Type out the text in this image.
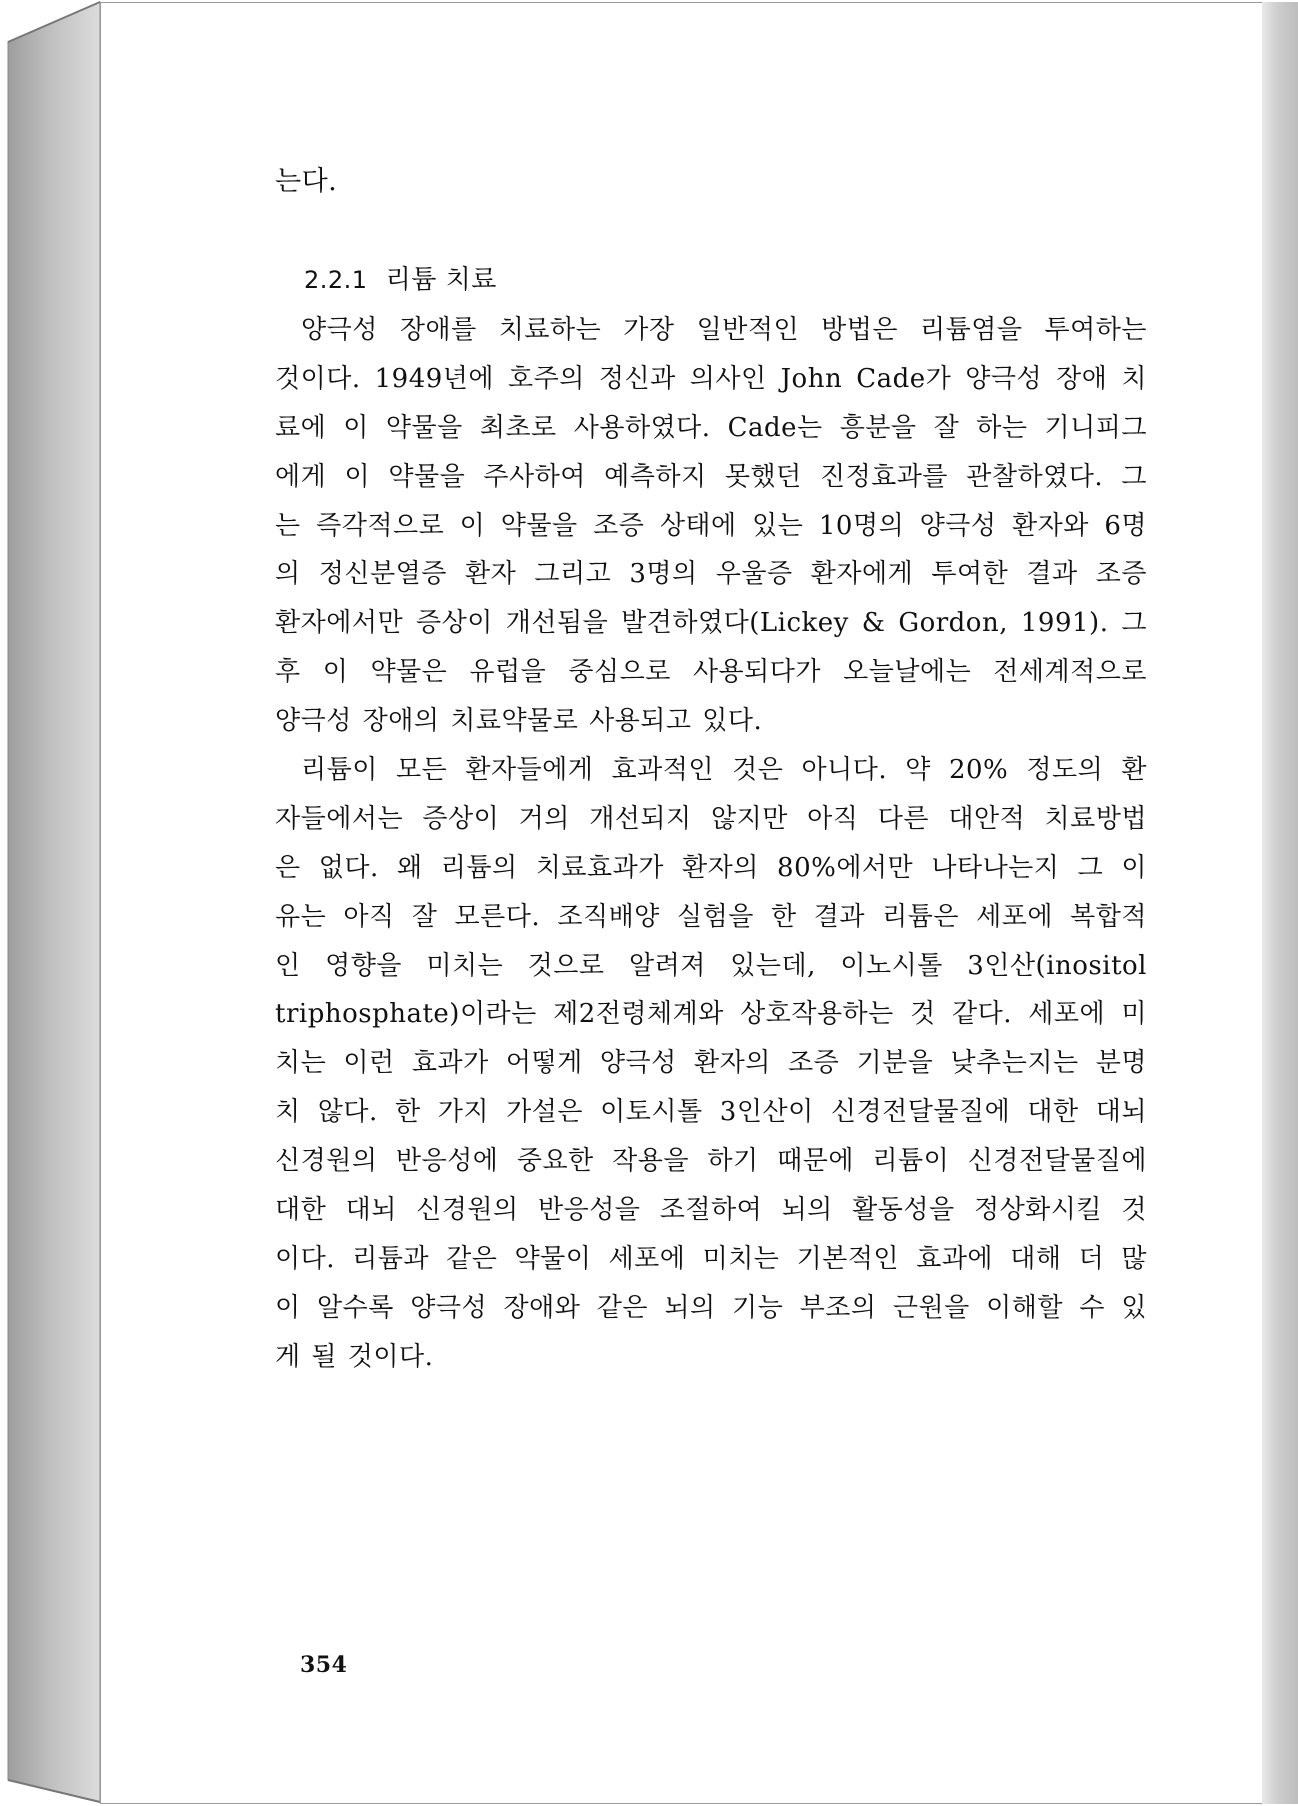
는다.
2.2.1 리튬 치료
양극성 장애를 치료하는 가장 일반적인 방법은 리튬염을 투여하는
것이다. 1949년에 호주의 정신과 의사인 John Cade가 양극성 장애 치
료에 이 약물을 최초로 사용하였다. Cade는 흥분을 잘 하는 기니피그
에게 이 약물을 주사하여 예측하지 못했던 진정효과를 관찰하였다. 그
는 즉각적으로 이 약물을 조증 상태에 있는 10명의 양극성 환자와 6명
의 정신분열증 환자 그리고 3명의 우울증 환자에게 투여한 결과 조증
환자에서만 증상이 개선됨을 발견하였다(Lickey & Gordon, 1991). 그
후 이 약물은 유럽을 중심으로 사용되다가 오늘날에는 전세계적으로
양극성 장애의 치료약물로 사용되고 있다.
리튬이 모든 환자들에게 효과적인 것은 아니다. 약 20% 정도의 환
자들에서는 증상이 거의 개선되지 않지만 아직 다른 대안적 치료방법
은 없다. 왜 리튬의 치료효과가 환자의 80%에서만 나타나는지 그 이
유는 아직 잘 모른다. 조직배양 실험을 한 결과 리튬은 세포에 복합적
인 영향을 미치는 것으로 알려져 있는데, 이노시톨 3인산(inositol
triphosphate)이라는 제2전령체계와 상호작용하는 것 같다. 세포에 미
치는 이런 효과가 어떻게 양극성 환자의 조증 기분을 낮추는지는 분명
치 않다. 한 가지 가설은 이토시톨 3인산이 신경전달물질에 대한 대뇌
신경원의 반응성에 중요한 작용을 하기 때문에 리튬이 신경전달물질에
대한 대뇌 신경원의 반응성을 조절하여 뇌의 활동성을 정상화시킬 것
이다. 리튬과 같은 약물이 세포에 미치는 기본적인 효과에 대해 더 많
이 알수록 양극성 장애와 같은 뇌의 기능 부조의 근원을 이해할 수 있
게 될 것이다.
354
